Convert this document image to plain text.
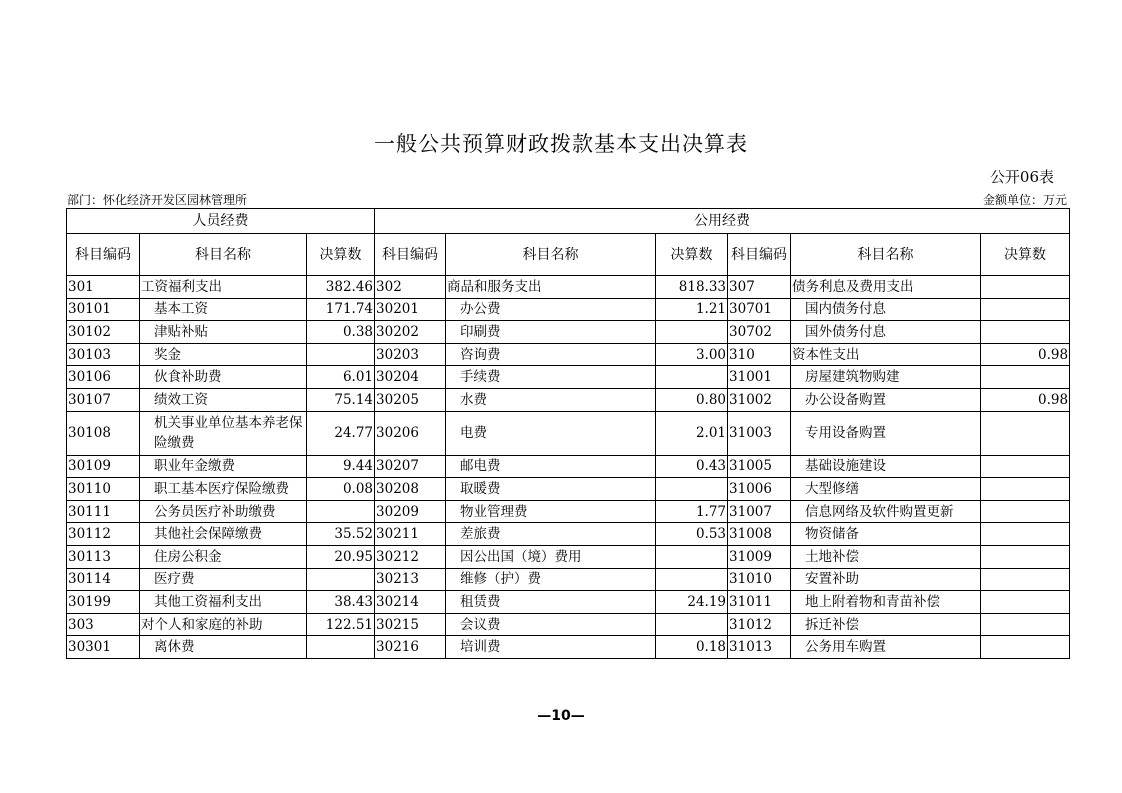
一般公共预算财政拨款基本支出决算表
公开06表
部门：怀化经济开发区园林管理所	金额单位：万元
人员经费			公用经费					
科目编码	科目名称	决算数	科目编码	科目名称	决算数	科目编码	科目名称	决算数
301	工资福利支出	382.46	302	商品和服务支出	818.33	307	债务利息及费用支出	
30101	基本工资	171.74	30201	办公费	1.21	30701	国内债务付息	
30102	津贴补贴	0.38	30202	印刷费		30702	国外债务付息	
30103	奖金		30203	咨询费	3.00	310	资本性支出	0.98
30106	伙食补助费	6.01	30204	手续费		31001	房屋建筑物购建	
30107	绩效工资	75.14	30205	水费	0.80	31002	办公设备购置	0.98
30108	机关事业单位基本养老保险缴费	24.77	30206	电费	2.01	31003	专用设备购置	
30109	职业年金缴费	9.44	30207	邮电费	0.43	31005	基础设施建设	
30110	职工基本医疗保险缴费	0.08	30208	取暖费		31006	大型修缮	
30111	公务员医疗补助缴费		30209	物业管理费	1.77	31007	信息网络及软件购置更新	
30112	其他社会保障缴费	35.52	30211	差旅费	0.53	31008	物资储备	
30113	住房公积金	20.95	30212	因公出国（境）费用		31009	土地补偿	
30114	医疗费		30213	维修（护）费		31010	安置补助	
30199	其他工资福利支出	38.43	30214	租赁费	24.19	31011	地上附着物和青苗补偿	
303	对个人和家庭的补助	122.51	30215	会议费		31012	拆迁补偿	
30301	离休费		30216	培训费	0.18	31013	公务用车购置	
—10—
